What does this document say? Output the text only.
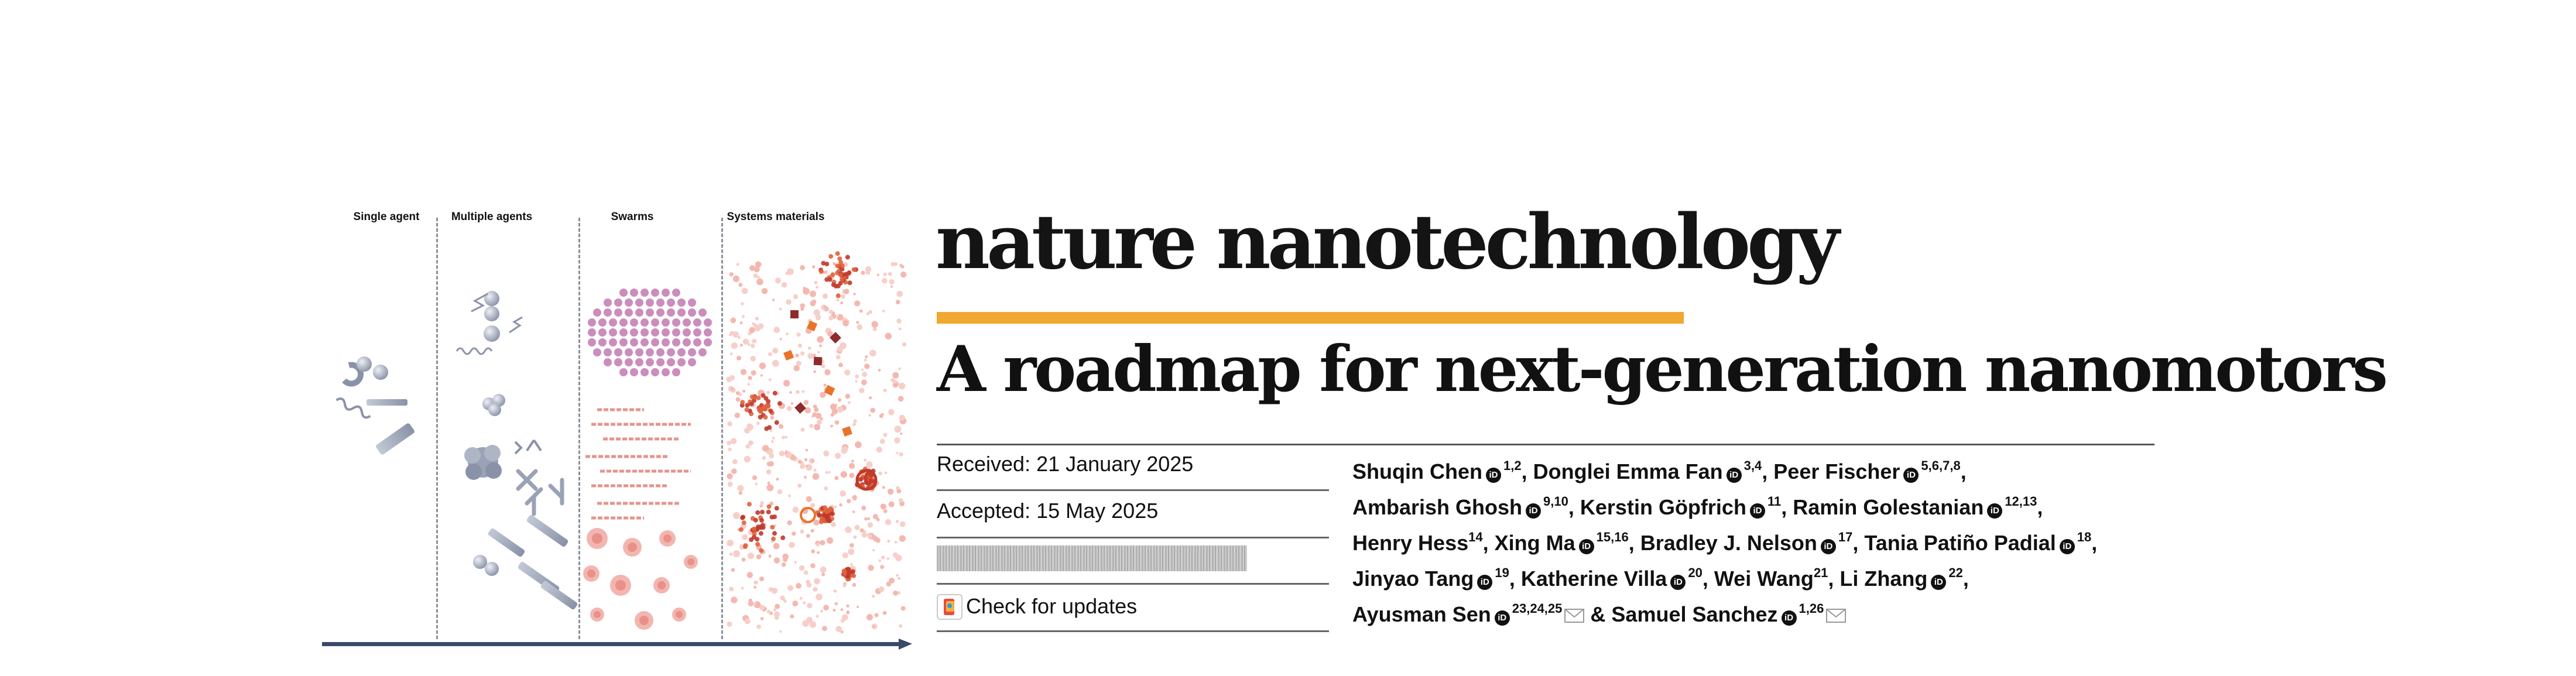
Single agent	Multiple agents	Swarms	Systems materials nature nanotechnology
A roadmap for next-generation nanomotors
Received: 21 January 2025
Accepted: 15 May 2025
Check for updates
Shuqin Chen iD$^{1,2}$, Donglei Emma Fan iD$^{3,4}$, Peer Fischer iD$^{5,6,7,8}$,
Ambarish Ghosh iD$^{9,10}$, Kerstin Göpfrich iD$^{11}$, Ramin Golestanian iD$^{12,13}$,
Henry Hess$^{14}$, Xing Ma iD$^{15,16}$, Bradley J. Nelson iD$^{17}$, Tania Patiño Padial iD$^{18}$,
Jinyao Tang iD$^{19}$, Katherine Villa iD$^{20}$, Wei Wang$^{21}$, Li Zhang iD$^{22}$,
Ayusman Sen iD$^{23,24,25}$ & Samuel Sanchez iD$^{1,26}$
